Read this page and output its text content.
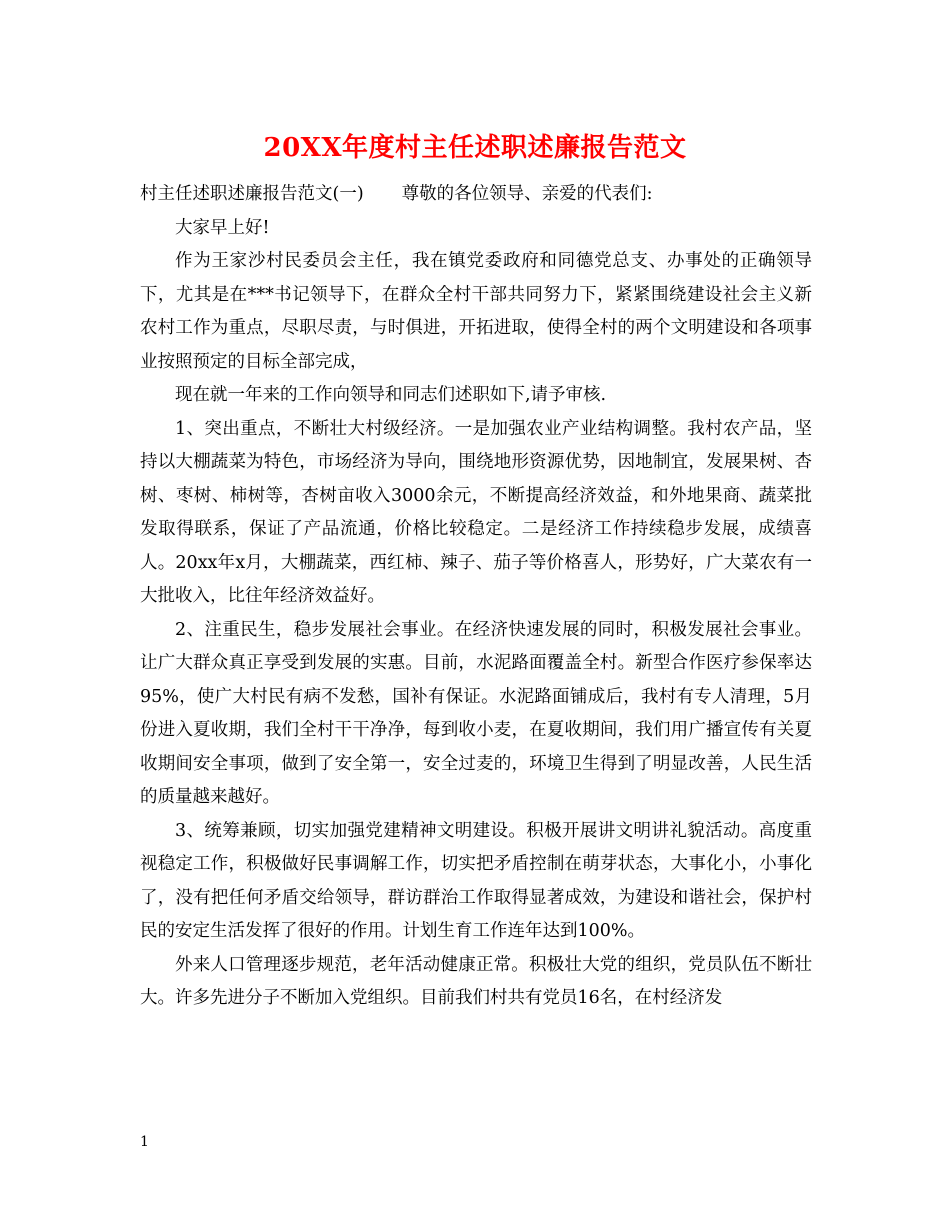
20XX年度村主任述职述廉报告范文

村主任述职述廉报告范文(一) 尊敬的各位领导、亲爱的代表们:

大家早上好!

作为王家沙村民委员会主任，我在镇党委政府和同德党总支、办事处的正确领导下，尤其是在***书记领导下，在群众全村干部共同努力下，紧紧围绕建设社会主义新农村工作为重点，尽职尽责，与时俱进，开拓进取，使得全村的两个文明建设和各项事业按照预定的目标全部完成，

现在就一年来的工作向领导和同志们述职如下,请予审核.

1、突出重点，不断壮大村级经济。一是加强农业产业结构调整。我村农产品，坚持以大棚蔬菜为特色，市场经济为导向，围绕地形资源优势，因地制宜，发展果树、杏树、枣树、柿树等，杏树亩收入3000余元，不断提高经济效益，和外地果商、蔬菜批发取得联系，保证了产品流通，价格比较稳定。二是经济工作持续稳步发展，成绩喜人。20xx年x月，大棚蔬菜，西红柿、辣子、茄子等价格喜人，形势好，广大菜农有一大批收入，比往年经济效益好。

2、注重民生，稳步发展社会事业。在经济快速发展的同时，积极发展社会事业。让广大群众真正享受到发展的实惠。目前，水泥路面覆盖全村。新型合作医疗参保率达95%，使广大村民有病不发愁，国补有保证。水泥路面铺成后，我村有专人清理，5月份进入夏收期，我们全村干干净净，每到收小麦，在夏收期间，我们用广播宣传有关夏收期间安全事项，做到了安全第一，安全过麦的，环境卫生得到了明显改善，人民生活的质量越来越好。

3、统筹兼顾，切实加强党建精神文明建设。积极开展讲文明讲礼貌活动。高度重视稳定工作，积极做好民事调解工作，切实把矛盾控制在萌芽状态，大事化小，小事化了，没有把任何矛盾交给领导，群访群治工作取得显著成效，为建设和谐社会，保护村民的安定生活发挥了很好的作用。计划生育工作连年达到100%。

外来人口管理逐步规范，老年活动健康正常。积极壮大党的组织，党员队伍不断壮大。许多先进分子不断加入党组织。目前我们村共有党员16名，在村经济发

1
